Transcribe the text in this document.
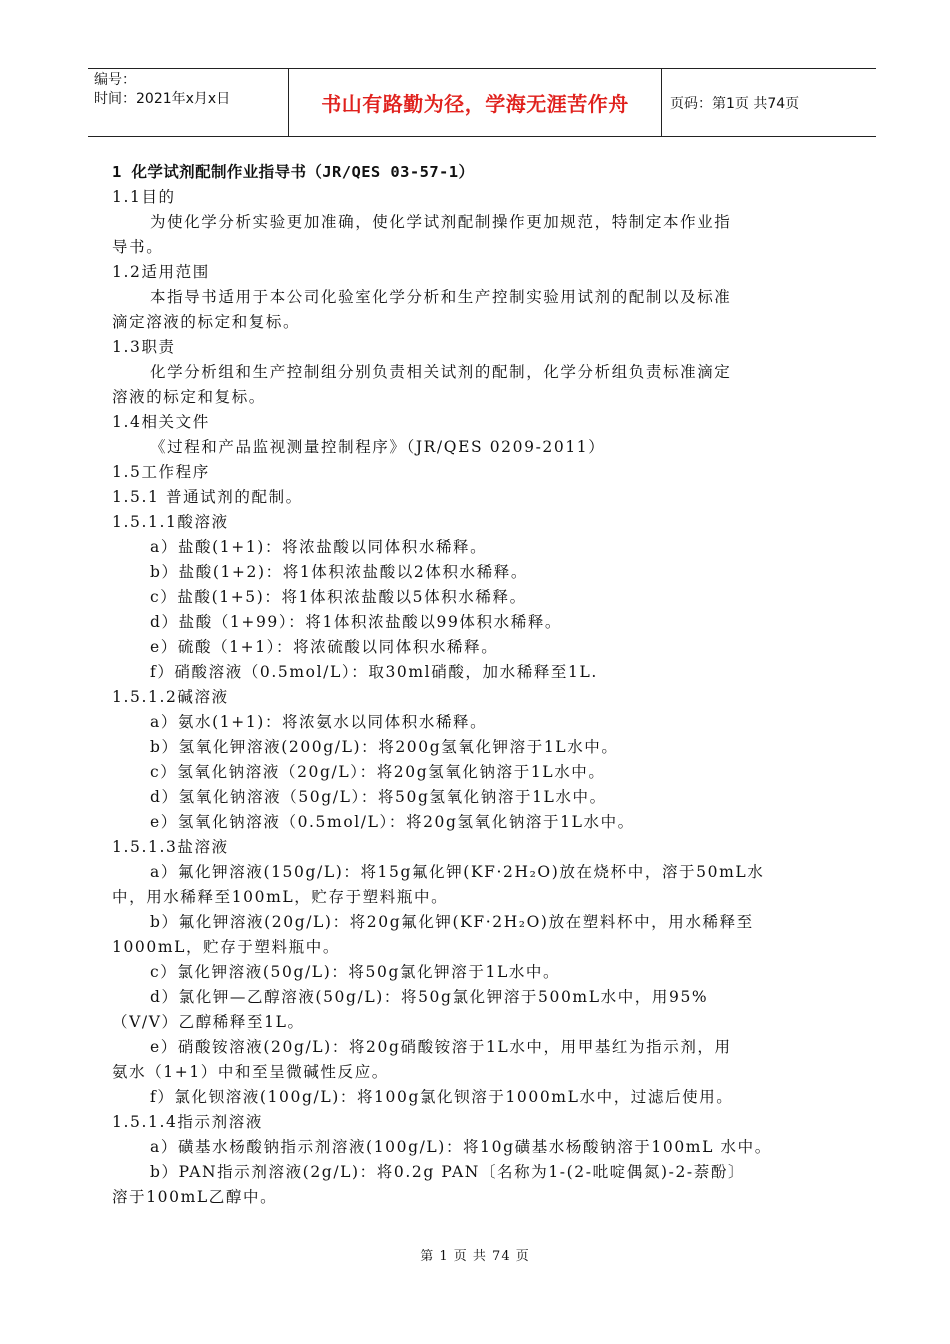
编号：
时间：2021年x月x日	书山有路勤为径，学海无涯苦作舟	页码：第1页 共74页
1 化学试剂配制作业指导书（JR/QES 03-57-1）
1.1目的
为使化学分析实验更加准确，使化学试剂配制操作更加规范，特制定本作业指
导书。
1.2适用范围
本指导书适用于本公司化验室化学分析和生产控制实验用试剂的配制以及标准
滴定溶液的标定和复标。
1.3职责
化学分析组和生产控制组分别负责相关试剂的配制，化学分析组负责标准滴定
溶液的标定和复标。
1.4相关文件
《过程和产品监视测量控制程序》（JR/QES 0209-2011）
1.5工作程序
1.5.1 普通试剂的配制。
1.5.1.1酸溶液
a）盐酸(1+1)：将浓盐酸以同体积水稀释。
b）盐酸(1+2)：将1体积浓盐酸以2体积水稀释。
c）盐酸(1+5)：将1体积浓盐酸以5体积水稀释。
d）盐酸（1+99）：将1体积浓盐酸以99体积水稀释。
e）硫酸（1+1）：将浓硫酸以同体积水稀释。
f）硝酸溶液（0.5mol/L）：取30ml硝酸，加水稀释至1L.
1.5.1.2碱溶液
a）氨水(1+1)：将浓氨水以同体积水稀释。
b）氢氧化钾溶液(200g/L)：将200g氢氧化钾溶于1L水中。
c）氢氧化钠溶液（20g/L）：将20g氢氧化钠溶于1L水中。
d）氢氧化钠溶液（50g/L）：将50g氢氧化钠溶于1L水中。
e）氢氧化钠溶液（0.5mol/L）：将20g氢氧化钠溶于1L水中。
1.5.1.3盐溶液
a）氟化钾溶液(150g/L)：将15g氟化钾(KF·2H₂O)放在烧杯中，溶于50mL水
中，用水稀释至100mL，贮存于塑料瓶中。
b）氟化钾溶液(20g/L)：将20g氟化钾(KF·2H₂O)放在塑料杯中，用水稀释至
1000mL，贮存于塑料瓶中。
c）氯化钾溶液(50g/L)：将50g氯化钾溶于1L水中。
d）氯化钾—乙醇溶液(50g/L)：将50g氯化钾溶于500mL水中，用95%
（V/V）乙醇稀释至1L。
e）硝酸铵溶液(20g/L)：将20g硝酸铵溶于1L水中，用甲基红为指示剂，用
氨水（1+1）中和至呈微碱性反应。
f）氯化钡溶液(100g/L)：将100g氯化钡溶于1000mL水中，过滤后使用。
1.5.1.4指示剂溶液
a）磺基水杨酸钠指示剂溶液(100g/L)：将10g磺基水杨酸钠溶于100mL 水中。
b）PAN指示剂溶液(2g/L)：将0.2g PAN〔名称为1-(2-吡啶偶氮)-2-萘酚〕
溶于100mL乙醇中。
第 1 页 共 74 页
